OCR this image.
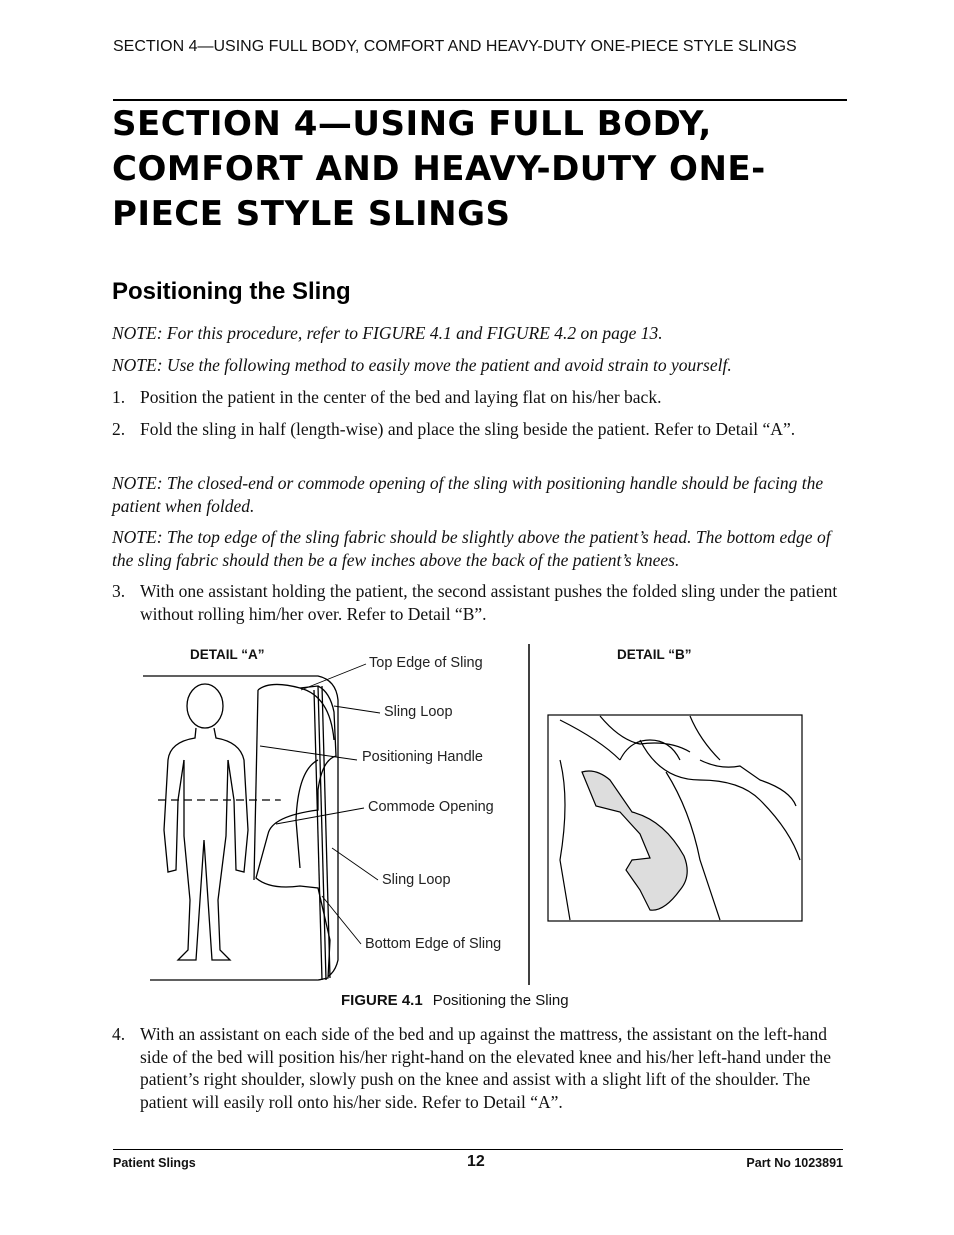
SECTION 4—USING FULL BODY, COMFORT AND HEAVY-DUTY ONE-PIECE STYLE SLINGS
SECTION 4—USING FULL BODY, COMFORT AND HEAVY-DUTY ONE-PIECE STYLE SLINGS
Positioning the Sling
NOTE: For this procedure, refer to FIGURE 4.1 and FIGURE 4.2 on page 13.
NOTE: Use the following method to easily move the patient and avoid strain to yourself.
1. Position the patient in the center of the bed and laying flat on his/her back.
2. Fold the sling in half (length-wise) and place the sling beside the patient. Refer to Detail “A”.
NOTE: The closed-end or commode opening of the sling with positioning handle should be facing the patient when folded.
NOTE: The top edge of the sling fabric should be slightly above the patient’s head. The bottom edge of the sling fabric should then be a few inches above the back of the patient’s knees.
3. With one assistant holding the patient, the second assistant pushes the folded sling under the patient without rolling him/her over. Refer to Detail “B”.
DETAIL “A”	DETAIL “B”
Top Edge of Sling
Sling Loop
Positioning Handle
Commode Opening
Sling Loop
Bottom Edge of Sling
FIGURE 4.1 Positioning the Sling
4. With an assistant on each side of the bed and up against the mattress, the assistant on the left-hand side of the bed will position his/her right-hand on the elevated knee and his/her left-hand under the patient’s right shoulder, slowly push on the knee and assist with a slight lift of the shoulder. The patient will easily roll onto his/her side. Refer to Detail “A”.
Patient Slings	12	Part No 1023891
